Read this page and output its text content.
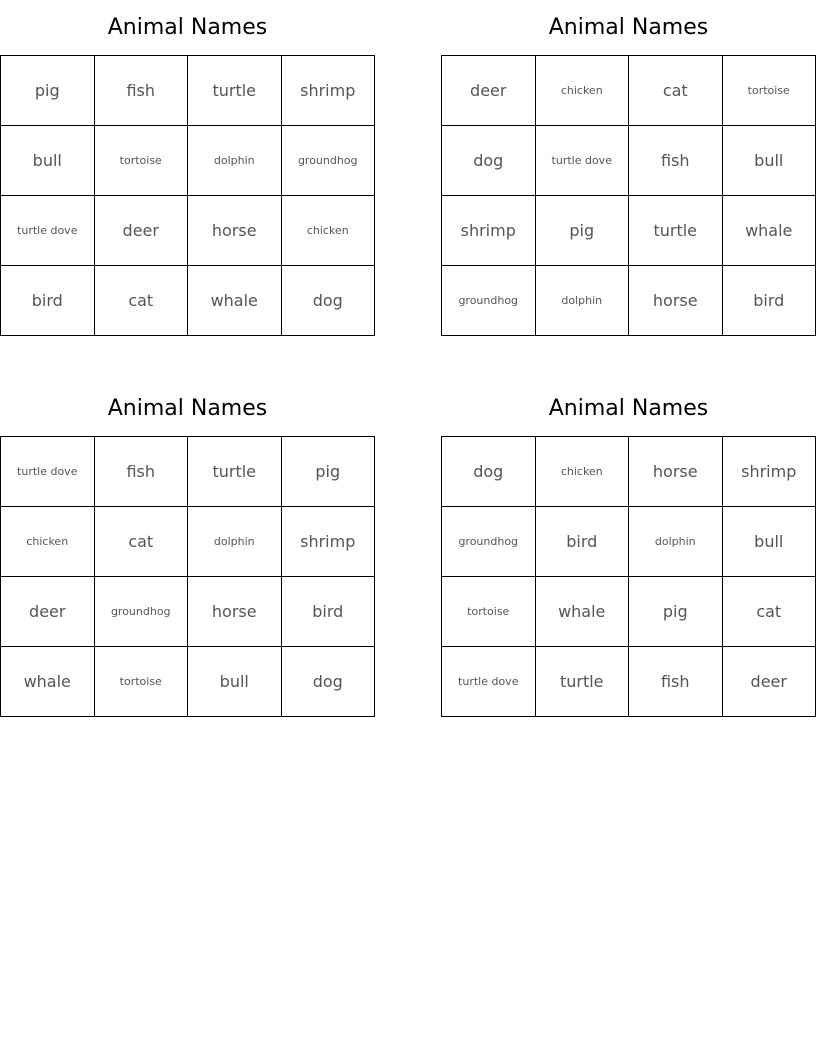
Animal Names
pig	fish	turtle	shrimp
bull	tortoise	dolphin	groundhog
turtle dove	deer	horse	chicken
bird	cat	whale	dog
Animal Names
deer	chicken	cat	tortoise
dog	turtle dove	fish	bull
shrimp	pig	turtle	whale
groundhog	dolphin	horse	bird
Animal Names
turtle dove	fish	turtle	pig
chicken	cat	dolphin	shrimp
deer	groundhog	horse	bird
whale	tortoise	bull	dog
Animal Names
dog	chicken	horse	shrimp
groundhog	bird	dolphin	bull
tortoise	whale	pig	cat
turtle dove	turtle	fish	deer
